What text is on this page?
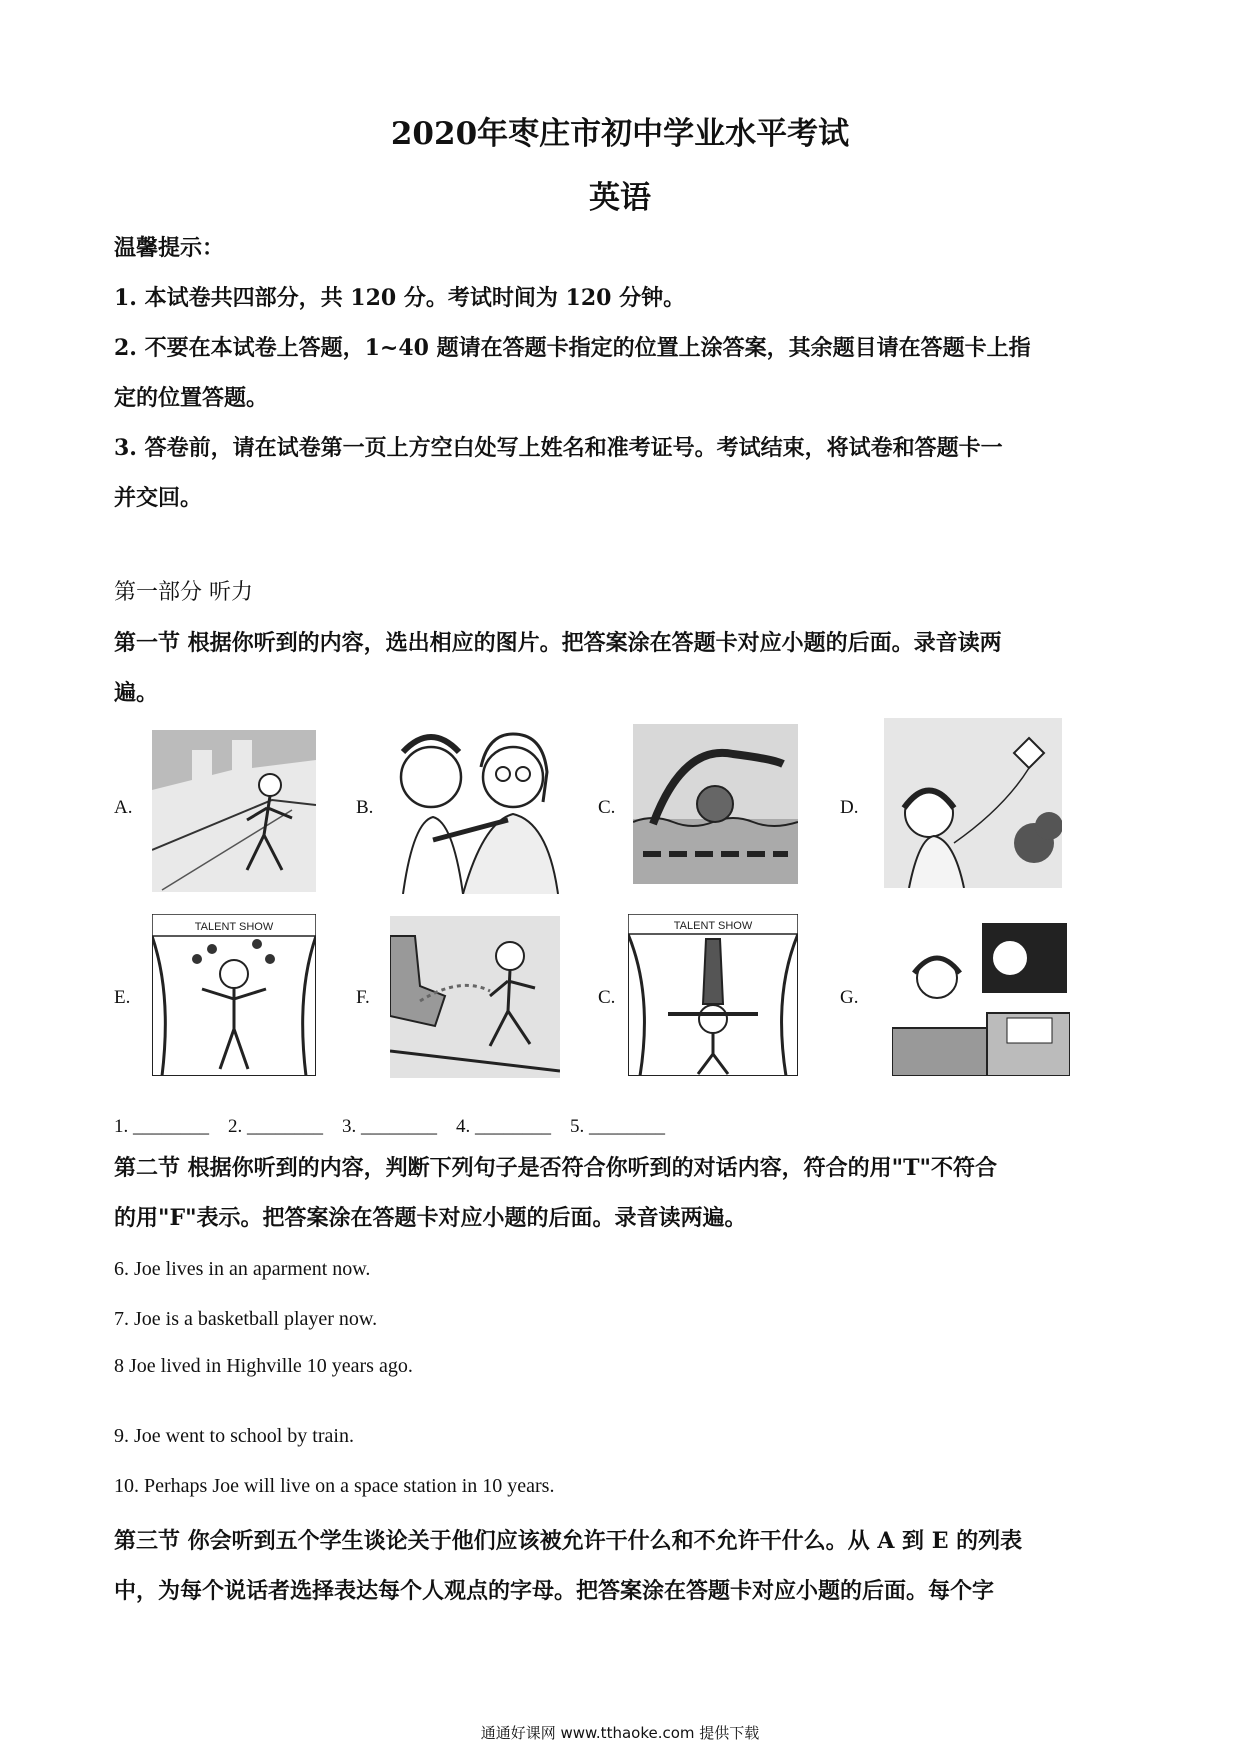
2020年枣庄市初中学业水平考试
英语
温馨提示：
1. 本试卷共四部分，共 120 分。考试时间为 120 分钟。
2. 不要在本试卷上答题，1~40 题请在答题卡指定的位置上涂答案，其余题目请在答题卡上指
定的位置答题。
3. 答卷前，请在试卷第一页上方空白处写上姓名和准考证号。考试结束，将试卷和答题卡一
并交回。
第一部分 听力
第一节 根据你听到的内容，选出相应的图片。把答案涂在答题卡对应小题的后面。录音读两
遍。
A.	B.	C.	D.
E.
TALENT SHOW
F.	C.
TALENT SHOW
G.
1. ________    2. ________    3. ________    4. ________    5. ________
第二节 根据你听到的内容，判断下列句子是否符合你听到的对话内容，符合的用"T"不符合
的用"F"表示。把答案涂在答题卡对应小题的后面。录音读两遍。
6. Joe lives in an aparment now.
7. Joe is a basketball player now.
8 Joe lived in Highville 10 years ago.
9. Joe went to school by train.
10. Perhaps Joe will live on a space station in 10 years.
第三节 你会听到五个学生谈论关于他们应该被允许干什么和不允许干什么。从 A 到 E 的列表
中，为每个说话者选择表达每个人观点的字母。把答案涂在答题卡对应小题的后面。每个字
通通好课网 www.tthaoke.com 提供下载
